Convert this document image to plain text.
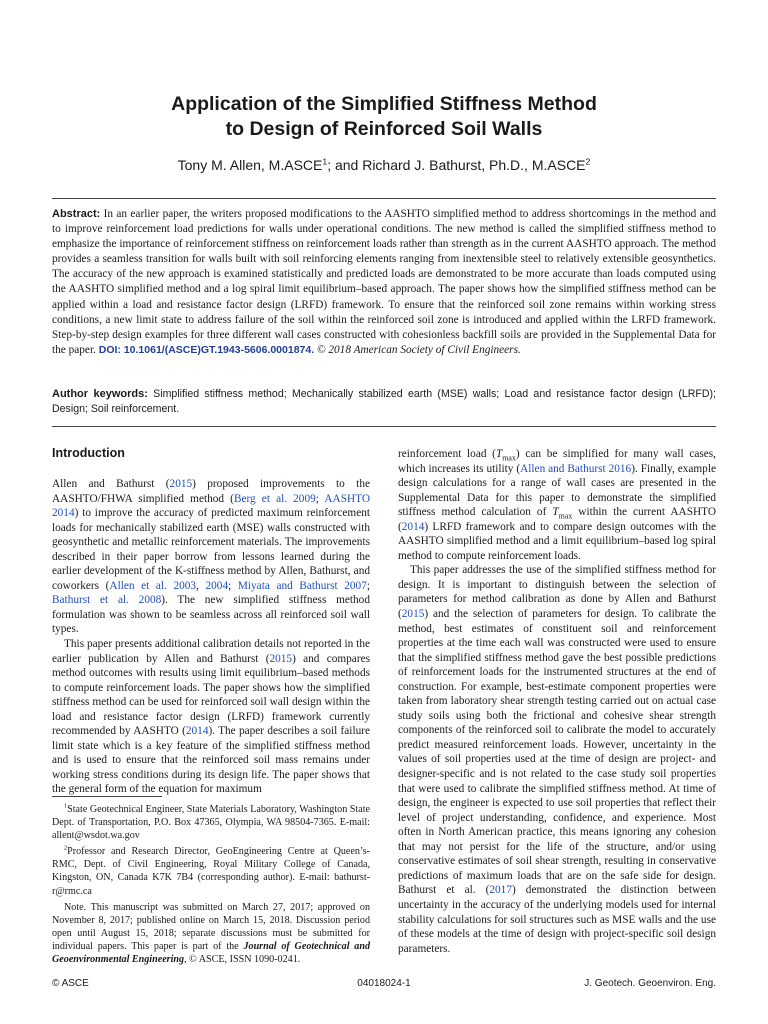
Application of the Simplified Stiffness Method
to Design of Reinforced Soil Walls
Tony M. Allen, M.ASCE$^1$; and Richard J. Bathurst, Ph.D., M.ASCE$^2$
Abstract: In an earlier paper, the writers proposed modifications to the AASHTO simplified method to address shortcomings in the method and to improve reinforcement load predictions for walls under operational conditions. The new method is called the simplified stiffness method to emphasize the importance of reinforcement stiffness on reinforcement loads rather than strength as in the current AASHTO approach. The method provides a seamless transition for walls built with soil reinforcing elements ranging from inextensible steel to relatively extensible geosynthetics. The accuracy of the new approach is examined statistically and predicted loads are demonstrated to be more accurate than loads computed using the AASHTO simplified method and a log spiral limit equilibrium–based approach. The paper shows how the simplified stiffness method can be applied within a load and resistance factor design (LRFD) framework. To ensure that the reinforced soil zone remains within working stress conditions, a new limit state to address failure of the soil within the reinforced soil zone is introduced and applied within the LRFD framework. Step-by-step design examples for three different wall cases constructed with cohesionless backfill soils are provided in the Supplemental Data for the paper. DOI: 10.1061/(ASCE)GT.1943-5606.0001874. © 2018 American Society of Civil Engineers.
Author keywords: Simplified stiffness method; Mechanically stabilized earth (MSE) walls; Load and resistance factor design (LRFD); Design; Soil reinforcement.
Introduction

Allen and Bathurst (2015) proposed improvements to the AASHTO/FHWA simplified method (Berg et al. 2009; AASHTO 2014) to improve the accuracy of predicted maximum reinforcement loads for mechanically stabilized earth (MSE) walls constructed with geosynthetic and metallic reinforcement materials. The improvements described in their paper borrow from lessons learned during the earlier development of the K-stiffness method by Allen, Bathurst, and coworkers (Allen et al. 2003, 2004; Miyata and Bathurst 2007; Bathurst et al. 2008). The new simplified stiffness method formulation was shown to be seamless across all reinforced soil wall types.

This paper presents additional calibration details not reported in the earlier publication by Allen and Bathurst (2015) and compares method outcomes with results using limit equilibrium–based methods to compute reinforcement loads. The paper shows how the simplified stiffness method can be used for reinforced soil wall design within the load and resistance factor design (LRFD) framework currently recommended by AASHTO (2014). The paper describes a soil failure limit state which is a key feature of the simplified stiffness method and is used to ensure that the reinforced soil mass remains under working stress conditions during its design life. The paper shows that the general form of the equation for maximum

$^1$State Geotechnical Engineer, State Materials Laboratory, Washington State Dept. of Transportation, P.O. Box 47365, Olympia, WA 98504-7365. E-mail: allent@wsdot.wa.gov

$^2$Professor and Research Director, GeoEngineering Centre at Queen’s-RMC, Dept. of Civil Engineering, Royal Military College of Canada, Kingston, ON, Canada K7K 7B4 (corresponding author). E-mail: bathurst-r@rmc.ca

Note. This manuscript was submitted on March 27, 2017; approved on November 8, 2017; published online on March 15, 2018. Discussion period open until August 15, 2018; separate discussions must be submitted for individual papers. This paper is part of the Journal of Geotechnical and Geoenvironmental Engineering, © ASCE, ISSN 1090-0241.

reinforcement load $(T_{max})$ can be simplified for many wall cases, which increases its utility (Allen and Bathurst 2016). Finally, example design calculations for a range of wall cases are presented in the Supplemental Data for this paper to demonstrate the simplified stiffness method calculation of $T_{max}$ within the current AASHTO (2014) LRFD framework and to compare design outcomes with the AASHTO simplified method and a limit equilibrium–based log spiral method to compute reinforcement loads.

This paper addresses the use of the simplified stiffness method for design. It is important to distinguish between the selection of parameters for method calibration as done by Allen and Bathurst (2015) and the selection of parameters for design. To calibrate the method, best estimates of constituent soil and reinforcement properties at the time each wall was constructed were used to ensure that the simplified stiffness method gave the best possible predictions of reinforcement loads for the instrumented structures at the end of construction. For example, best-estimate component properties were taken from laboratory shear strength testing carried out on actual case study soils using both the frictional and cohesive shear strength components of the reinforced soil to calibrate the model to accurately predict measured reinforcement loads. However, uncertainty in the values of soil properties used at the time of design are project- and designer-specific and is not related to the case study soil properties that were used to calibrate the simplified stiffness method. At time of design, the engineer is expected to use soil properties that reflect their level of project understanding, confidence, and experience. Most often in North American practice, this means ignoring any cohesion that may not persist for the life of the structure, and/or using conservative estimates of soil shear strength, resulting in conservative predictions of maximum loads that are on the safe side for design. Bathurst et al. (2017) demonstrated the distinction between uncertainty in the accuracy of the underlying models used for internal stability calculations for soil structures such as MSE walls and the use of these models at the time of design with project-specific soil design parameters.

© ASCE	04018024-1	J. Geotech. Geoenviron. Eng.
